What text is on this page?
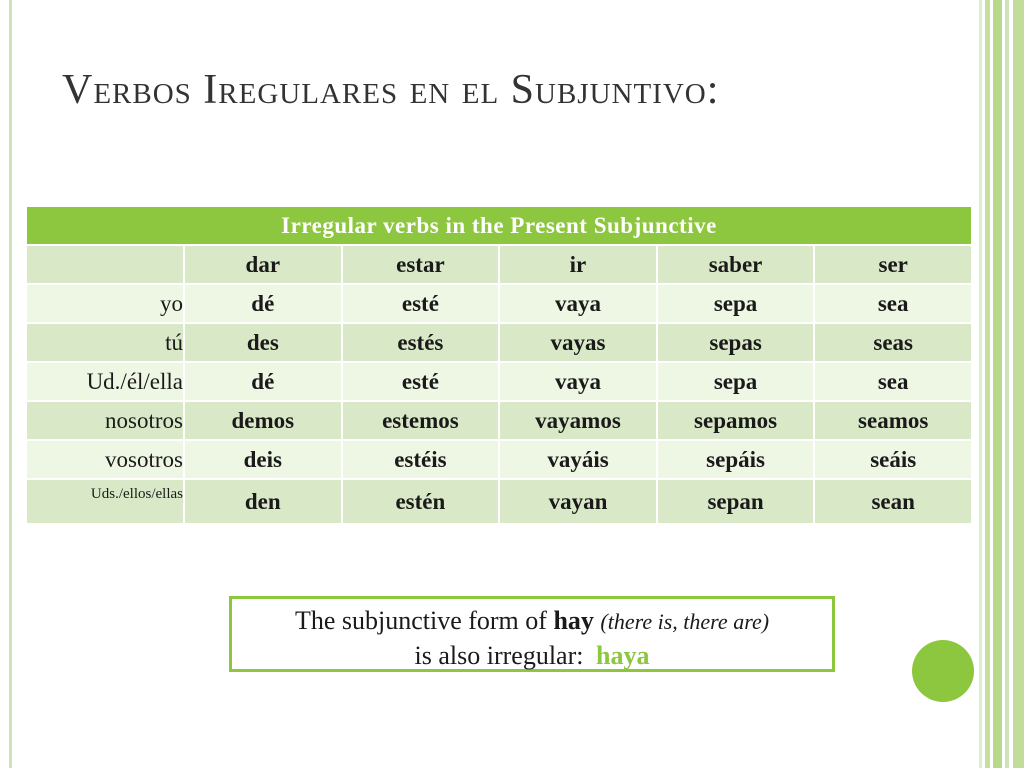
Verbos Iregulares en el Subjuntivo:
Irregular verbs in the Present Subjunctive					
	dar	estar	ir	saber	ser
yo	dé	esté	vaya	sepa	sea
tú	des	estés	vayas	sepas	seas
Ud./él/ella	dé	esté	vaya	sepa	sea
nosotros	demos	estemos	vayamos	sepamos	seamos
vosotros	deis	estéis	vayáis	sepáis	seáis
Uds./ellos/ellas	den	estén	vayan	sepan	sean
The subjunctive form of hay (there is, there are)
is also irregular: haya
